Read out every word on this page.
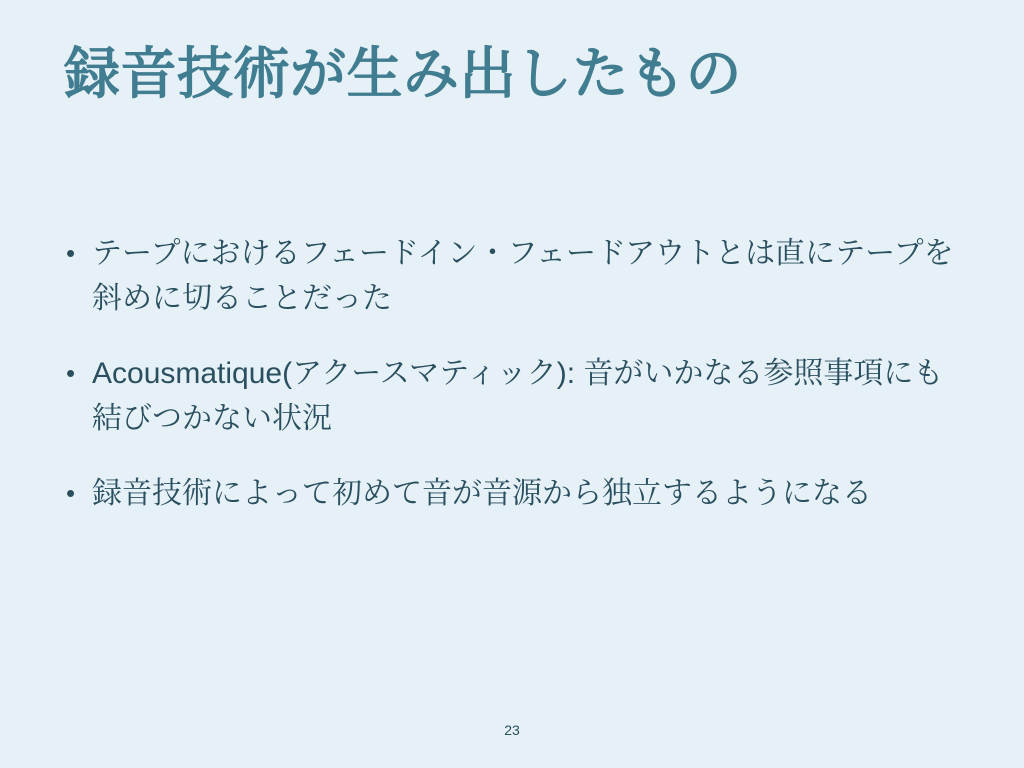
録音技術が生み出したもの
• テープにおけるフェードイン・フェードアウトとは直にテープを
斜めに切ることだった
• Acousmatique(アクースマティック): 音がいかなる参照事項にも
結びつかない状況
• 録音技術によって初めて音が音源から独立するようになる
23
